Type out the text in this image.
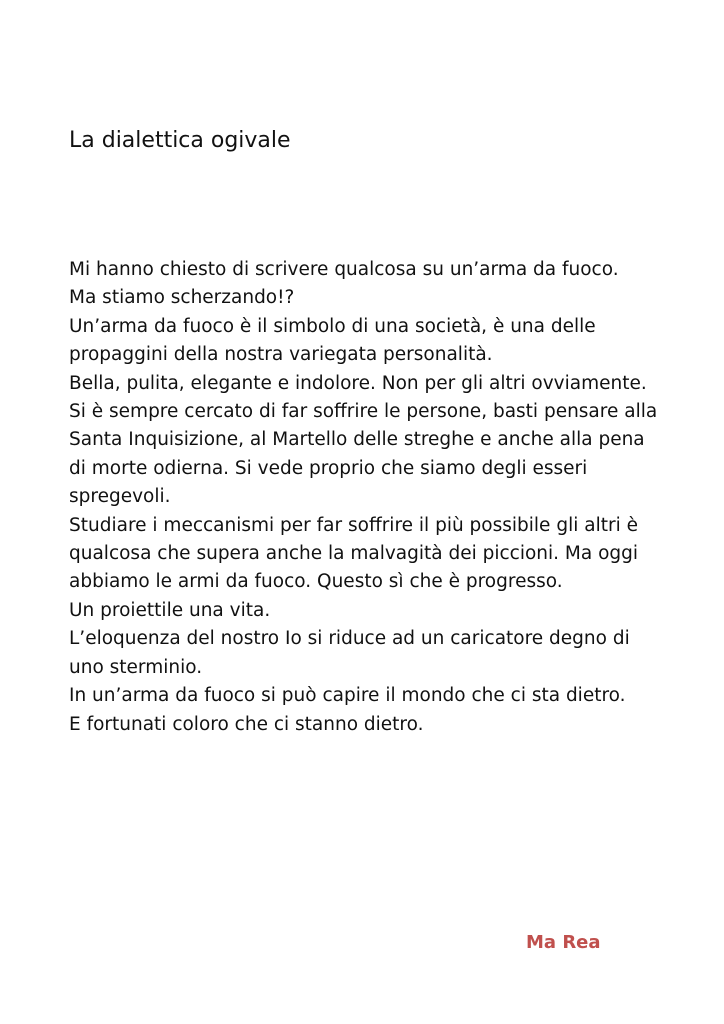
La dialettica ogivale
Mi hanno chiesto di scrivere qualcosa su un’arma da fuoco.
Ma stiamo scherzando!?
Un’arma da fuoco è il simbolo di una società, è una delle
propaggini della nostra variegata personalità.
Bella, pulita, elegante e indolore. Non per gli altri ovviamente.
Si è sempre cercato di far soffrire le persone, basti pensare alla
Santa Inquisizione, al Martello delle streghe e anche alla pena
di morte odierna. Si vede proprio che siamo degli esseri
spregevoli.
Studiare i meccanismi per far soffrire il più possibile gli altri è
qualcosa che supera anche la malvagità dei piccioni. Ma oggi
abbiamo le armi da fuoco. Questo sì che è progresso.
Un proiettile una vita.
L’eloquenza del nostro Io si riduce ad un caricatore degno di
uno sterminio.
In un’arma da fuoco si può capire il mondo che ci sta dietro.
E fortunati coloro che ci stanno dietro.
Ma Rea
